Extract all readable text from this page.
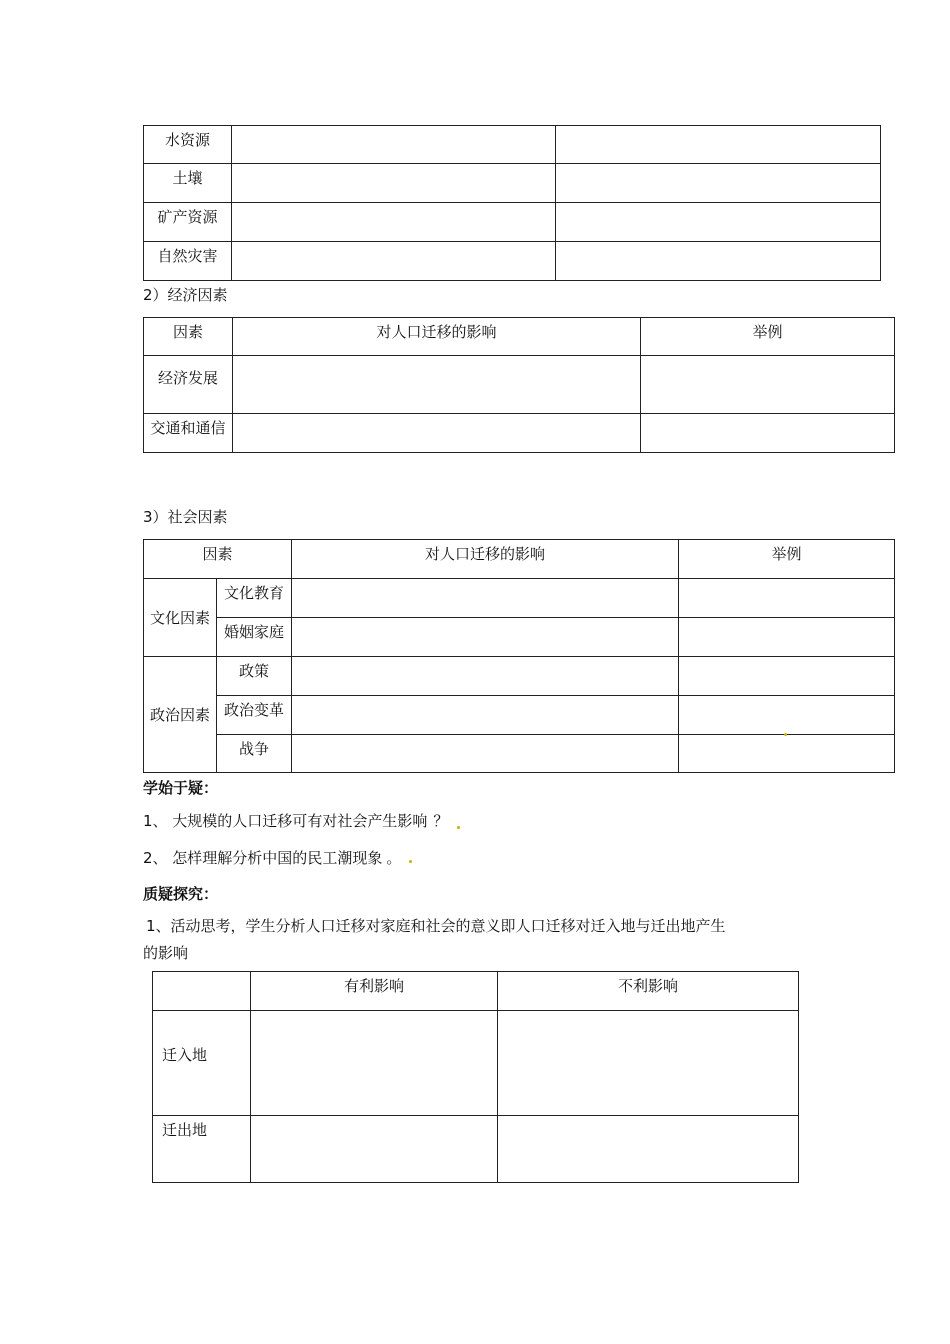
水资源		
土壤		
矿产资源		
自然灾害		
2）经济因素
因素	对人口迁移的影响	举例
经济发展		
交通和通信		
3）社会因素
因素		对人口迁移的影响	举例
文化因素	文化教育		
	婚姻家庭		
政治因素	政策		
	政治变革		
	战争		
学始于疑：
1、 大规模的人口迁移可有对社会产生影响 ？
2、 怎样理解分析中国的民工潮现象 。
质疑探究：
1、活动思考，学生分析人口迁移对家庭和社会的意义即人口迁移对迁入地与迁出地产生
的影响
	有利影响	不利影响
迁入地		
迁出地		
